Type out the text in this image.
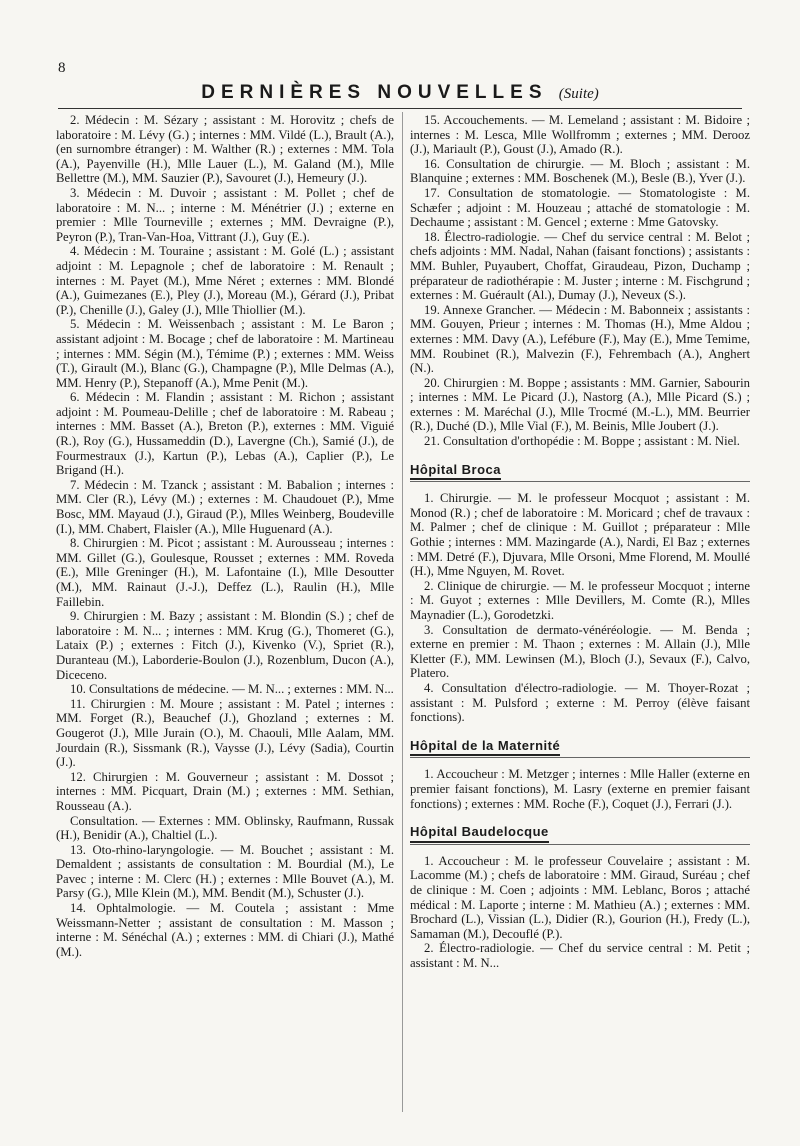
8
DERNIÈRES NOUVELLES (Suite)

2. Médecin : M. Sézary ; assistant : M. Horovitz ; chefs de laboratoire : M. Lévy (G.) ; internes : MM. Vildé (L.), Brault (A.), (en surnombre étranger) : M. Walther (R.) ; externes : MM. Tola (A.), Payenville (H.), Mlle Lauer (L.), M. Galand (M.), Mlle Bellettre (M.), MM. Sauzier (P.), Savouret (J.), Hemeury (J.).

3. Médecin : M. Duvoir ; assistant : M. Pollet ; chef de laboratoire : M. N... ; interne : M. Ménétrier (J.) ; externe en premier : Mlle Tourneville ; externes ; MM. Devraigne (P.), Peyron (P.), Tran-Van-Hoa, Vittrant (J.), Guy (E.).

4. Médecin : M. Touraine ; assistant : M. Golé (L.) ; assistant adjoint : M. Lepagnole ; chef de laboratoire : M. Renault ; internes : M. Payet (M.), Mme Néret ; externes : MM. Blondé (A.), Guimezanes (E.), Pley (J.), Moreau (M.), Gérard (J.), Pribat (P.), Chenille (J.), Galey (J.), Mlle Thiollier (M.).

5. Médecin : M. Weissenbach ; assistant : M. Le Baron ; assistant adjoint : M. Bocage ; chef de laboratoire : M. Martineau ; internes : MM. Ségin (M.), Témime (P.) ; externes : MM. Weiss (T.), Girault (M.), Blanc (G.), Champagne (P.), Mlle Delmas (A.), MM. Henry (P.), Stepanoff (A.), Mme Penit (M.).

6. Médecin : M. Flandin ; assistant : M. Richon ; assistant adjoint : M. Poumeau-Delille ; chef de laboratoire : M. Rabeau ; internes : MM. Basset (A.), Breton (P.), externes : MM. Viguié (R.), Roy (G.), Hussameddin (D.), Lavergne (Ch.), Samié (J.), de Fourmestraux (J.), Kartun (P.), Lebas (A.), Caplier (P.), Le Brigand (H.).

7. Médecin : M. Tzanck ; assistant : M. Babalion ; internes : MM. Cler (R.), Lévy (M.) ; externes : M. Chaudouet (P.), Mme Bosc, MM. Mayaud (J.), Giraud (P.), Mlles Weinberg, Boudeville (I.), MM. Chabert, Flaisler (A.), Mlle Huguenard (A.).

8. Chirurgien : M. Picot ; assistant : M. Aurousseau ; internes : MM. Gillet (G.), Goulesque, Rousset ; externes : MM. Roveda (E.), Mlle Greninger (H.), M. Lafontaine (I.), Mlle Desoutter (M.), MM. Rainaut (J.-J.), Deffez (L.), Raulin (H.), Mlle Faillebin.

9. Chirurgien : M. Bazy ; assistant : M. Blondin (S.) ; chef de laboratoire : M. N... ; internes : MM. Krug (G.), Thomeret (G.), Lataix (P.) ; externes : Fitch (J.), Kivenko (V.), Spriet (R.), Duranteau (M.), Laborderie-Boulon (J.), Rozenblum, Ducon (A.), Diceceno.

10. Consultations de médecine. — M. N... ; externes : MM. N...

11. Chirurgien : M. Moure ; assistant : M. Patel ; internes : MM. Forget (R.), Beauchef (J.), Ghozland ; externes : M. Gougerot (J.), Mlle Jurain (O.), M. Chaouli, Mlle Aalam, MM. Jourdain (R.), Sissmank (R.), Vaysse (J.), Lévy (Sadia), Courtin (J.).

12. Chirurgien : M. Gouverneur ; assistant : M. Dossot ; internes : MM. Picquart, Drain (M.) ; externes : MM. Sethian, Rousseau (A.).

Consultation. — Externes : MM. Oblinsky, Raufmann, Russak (H.), Benidir (A.), Chaltiel (L.).

13. Oto-rhino-laryngologie. — M. Bouchet ; assistant : M. Demaldent ; assistants de consultation : M. Bourdial (M.), Le Pavec ; interne : M. Clerc (H.) ; externes : Mlle Bouvet (A.), M. Parsy (G.), Mlle Klein (M.), MM. Bendit (M.), Schuster (J.).

14. Ophtalmologie. — M. Coutela ; assistant : Mme Weissmann-Netter ; assistant de consultation : M. Masson ; interne : M. Sénéchal (A.) ; externes : MM. di Chiari (J.), Mathé (M.).

15. Accouchements. — M. Lemeland ; assistant : M. Bidoire ; internes : M. Lesca, Mlle Wollfromm ; externes ; MM. Derooz (J.), Mariault (P.), Goust (J.), Amado (R.).

16. Consultation de chirurgie. — M. Bloch ; assistant : M. Blanquine ; externes : MM. Boschenek (M.), Besle (B.), Yver (J.).

17. Consultation de stomatologie. — Stomatologiste : M. Schæfer ; adjoint : M. Houzeau ; attaché de stomatologie : M. Dechaume ; assistant : M. Gencel ; externe : Mme Gatovsky.

18. Électro-radiologie. — Chef du service central : M. Belot ; chefs adjoints : MM. Nadal, Nahan (faisant fonctions) ; assistants : MM. Buhler, Puyaubert, Choffat, Giraudeau, Pizon, Duchamp ; préparateur de radiothérapie : M. Juster ; interne : M. Fischgrund ; externes : M. Guérault (Al.), Dumay (J.), Neveux (S.).

19. Annexe Grancher. — Médecin : M. Babonneix ; assistants : MM. Gouyen, Prieur ; internes : M. Thomas (H.), Mme Aldou ; externes : MM. Davy (A.), Lefébure (F.), May (E.), Mme Temime, MM. Roubinet (R.), Malvezin (F.), Fehrembach (A.), Anghert (N.).

20. Chirurgien : M. Boppe ; assistants : MM. Garnier, Sabourin ; internes : MM. Le Picard (J.), Nastorg (A.), Mlle Picard (S.) ; externes : M. Maréchal (J.), Mlle Trocmé (M.-L.), MM. Beurrier (R.), Duché (D.), Mlle Vial (F.), M. Beinis, Mlle Joubert (J.).

21. Consultation d'orthopédie : M. Boppe ; assistant : M. Niel.

Hôpital Broca

1. Chirurgie. — M. le professeur Mocquot ; assistant : M. Monod (R.) ; chef de laboratoire : M. Moricard ; chef de travaux : M. Palmer ; chef de clinique : M. Guillot ; préparateur : Mlle Gothie ; internes : MM. Mazingarde (A.), Nardi, El Baz ; externes : MM. Detré (F.), Djuvara, Mlle Orsoni, Mme Florend, M. Moullé (H.), Mme Nguyen, M. Rovet.

2. Clinique de chirurgie. — M. le professeur Mocquot ; interne : M. Guyot ; externes : Mlle Devillers, M. Comte (R.), Mlles Maynadier (L.), Gorodetzki.

3. Consultation de dermato-vénéréologie. — M. Benda ; externe en premier : M. Thaon ; externes : M. Allain (J.), Mlle Kletter (F.), MM. Lewinsen (M.), Bloch (J.), Sevaux (F.), Calvo, Platero.

4. Consultation d'électro-radiologie. — M. Thoyer-Rozat ; assistant : M. Pulsford ; externe : M. Perroy (élève faisant fonctions).

Hôpital de la Maternité

1. Accoucheur : M. Metzger ; internes : Mlle Haller (externe en premier faisant fonctions), M. Lasry (externe en premier faisant fonctions) ; externes : MM. Roche (F.), Coquet (J.), Ferrari (J.).

Hôpital Baudelocque

1. Accoucheur : M. le professeur Couvelaire ; assistant : M. Lacomme (M.) ; chefs de laboratoire : MM. Giraud, Suréau ; chef de clinique : M. Coen ; adjoints : MM. Leblanc, Boros ; attaché médical : M. Laporte ; interne : M. Mathieu (A.) ; externes : MM. Brochard (L.), Vissian (L.), Didier (R.), Gourion (H.), Fredy (L.), Samaman (M.), Decouflé (P.).

2. Électro-radiologie. — Chef du service central : M. Petit ; assistant : M. N...
